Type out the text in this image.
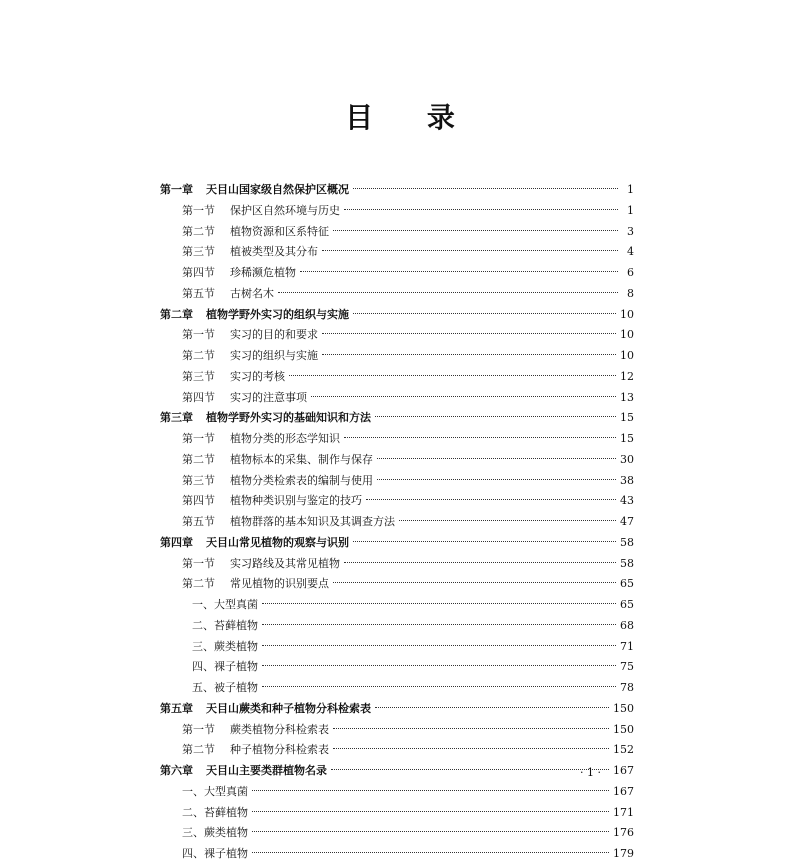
目 录
第一章 天目山国家级自然保护区概况	1
第一节 保护区自然环境与历史	1
第二节 植物资源和区系特征	3
第三节 植被类型及其分布	4
第四节 珍稀濒危植物	6
第五节 古树名木	8
第二章 植物学野外实习的组织与实施	10
第一节 实习的目的和要求	10
第二节 实习的组织与实施	10
第三节 实习的考核	12
第四节 实习的注意事项	13
第三章 植物学野外实习的基础知识和方法	15
第一节 植物分类的形态学知识	15
第二节 植物标本的采集、制作与保存	30
第三节 植物分类检索表的编制与使用	38
第四节 植物种类识别与鉴定的技巧	43
第五节 植物群落的基本知识及其调查方法	47
第四章 天目山常见植物的观察与识别	58
第一节 实习路线及其常见植物	58
第二节 常见植物的识别要点	65
一、大型真菌	65
二、苔藓植物	68
三、蕨类植物	71
四、裸子植物	75
五、被子植物	78
第五章 天目山蕨类和种子植物分科检索表	150
第一节 蕨类植物分科检索表	150
第二节 种子植物分科检索表	152
第六章 天目山主要类群植物名录	167
一、大型真菌	167
二、苔藓植物	171
三、蕨类植物	176
四、裸子植物	179
· 1 ·
